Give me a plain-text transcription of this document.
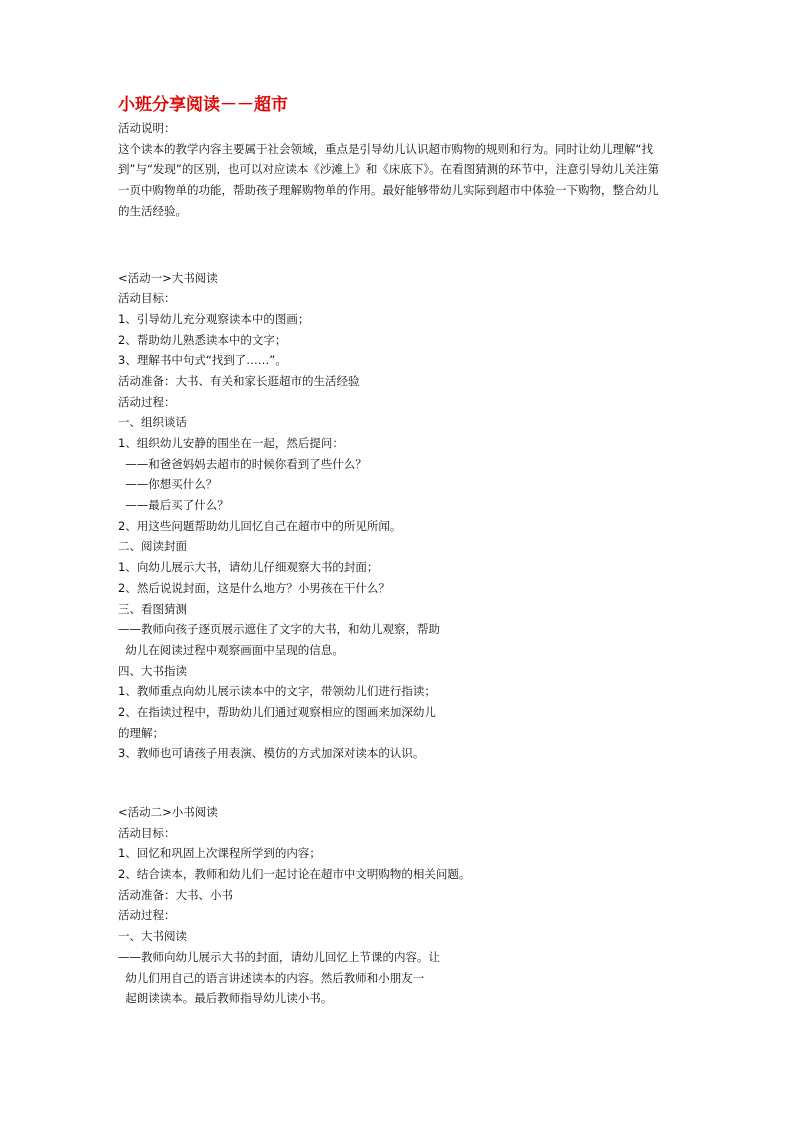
小班分享阅读－－超市

活动说明：

这个读本的教学内容主要属于社会领域，重点是引导幼儿认识超市购物的规则和行为。同时让幼儿理解“找到”与“发现”的区别，也可以对应读本《沙滩上》和《床底下》。在看图猜测的环节中，注意引导幼儿关注第一页中购物单的功能，帮助孩子理解购物单的作用。最好能够带幼儿实际到超市中体验一下购物，整合幼儿的生活经验。

<活动一>大书阅读

活动目标：

1、引导幼儿充分观察读本中的图画；

2、帮助幼儿熟悉读本中的文字；

3、理解书中句式“找到了……”。

活动准备：大书、有关和家长逛超市的生活经验

活动过程：

一、组织谈话

1、组织幼儿安静的围坐在一起，然后提问：

——和爸爸妈妈去超市的时候你看到了些什么？

——你想买什么？

——最后买了什么？

2、用这些问题帮助幼儿回忆自己在超市中的所见所闻。

二、阅读封面

1、向幼儿展示大书，请幼儿仔细观察大书的封面；

2、然后说说封面，这是什么地方？小男孩在干什么？

三、看图猜测

——教师向孩子逐页展示遮住了文字的大书，和幼儿观察，帮助

幼儿在阅读过程中观察画面中呈现的信息。

四、大书指读

1、教师重点向幼儿展示读本中的文字，带领幼儿们进行指读；

2、在指读过程中，帮助幼儿们通过观察相应的图画来加深幼儿

的理解；

3、教师也可请孩子用表演、模仿的方式加深对读本的认识。

<活动二>小书阅读

活动目标：

1、回忆和巩固上次课程所学到的内容；

2、结合读本，教师和幼儿们一起讨论在超市中文明购物的相关问题。

活动准备：大书、小书

活动过程：

一、大书阅读

——教师向幼儿展示大书的封面，请幼儿回忆上节课的内容。让

幼儿们用自己的语言讲述读本的内容。然后教师和小朋友一

起朗读读本。最后教师指导幼儿读小书。
